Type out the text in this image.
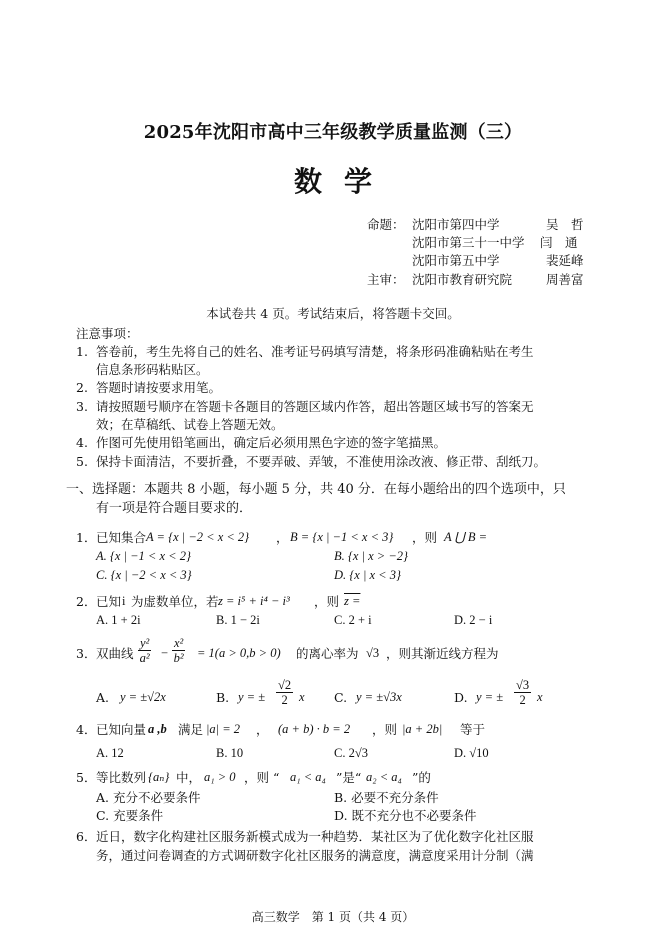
2025年沈阳市高中三年级教学质量监测（三）
数学
命题： 沈阳市第四中学	吴　哲
沈阳市第三十一中学 闫　通
沈阳市第五中学	裴延峰
主审： 沈阳市教育研究院	周善富
本试卷共 4 页。考试结束后，将答题卡交回。
注意事项：
1. 答卷前，考生先将自己的姓名、准考证号码填写清楚，将条形码准确粘贴在考生
信息条形码粘贴区。
2. 答题时请按要求用笔。
3. 请按照题号顺序在答题卡各题目的答题区域内作答，超出答题区域书写的答案无
效；在草稿纸、试卷上答题无效。
4. 作图可先使用铅笔画出，确定后必须用黑色字迹的签字笔描黑。
5. 保持卡面清洁，不要折叠，不要弄破、弄皱，不准使用涂改液、修正带、刮纸刀。
一、选择题：本题共 8 小题，每小题 5 分，共 40 分．在每小题给出的四个选项中，只
有一项是符合题目要求的．
1． 已知集合 A = {x | −2 < x < 2} ， B = {x | −1 < x < 3} ，则 A ⋃ B =
A. {x | −1 < x < 2}	B. {x | x > −2}
C. {x | −2 < x < 3}	D. {x | x < 3}
2． 已知 i 为虚数单位，若 z = i⁵ + i⁴ − i³ ，则 z =
A. 1 + 2i	B. 1 − 2i	C. 2 + i	D. 2 − i
3． 双曲线 $\frac{\text{y²}}{\text{a²}} - \frac{\text{x²}}{\text{b²}} = 1(a > 0,b > 0)$ 的离心率为 √3 ，则其渐近线方程为
A. y = ±√2x	B. y = ± $\frac{√2}{2}$ x C. y = ±√3x	D. y = ± $\frac{√3}{2}$ x
4． 已知向量 a ,b 满足 |a| = 2 ， (a + b) · b = 2 ，则 |a + 2b| 等于
A. 12	B. 10	C. 2√3	D. √10
5． 等比数列 {aₙ} 中， a₁ > 0 ，则 “ a₁ < a₄ ”是“ a₂ < a₄ ”的
A. 充分不必要条件	B. 必要不充分条件
C. 充要条件	D. 既不充分也不必要条件
6． 近日，数字化构建社区服务新模式成为一种趋势．某社区为了优化数字化社区服
务，通过问卷调查的方式调研数字化社区服务的满意度，满意度采用计分制（满
高三数学　第 1 页（共 4 页）
